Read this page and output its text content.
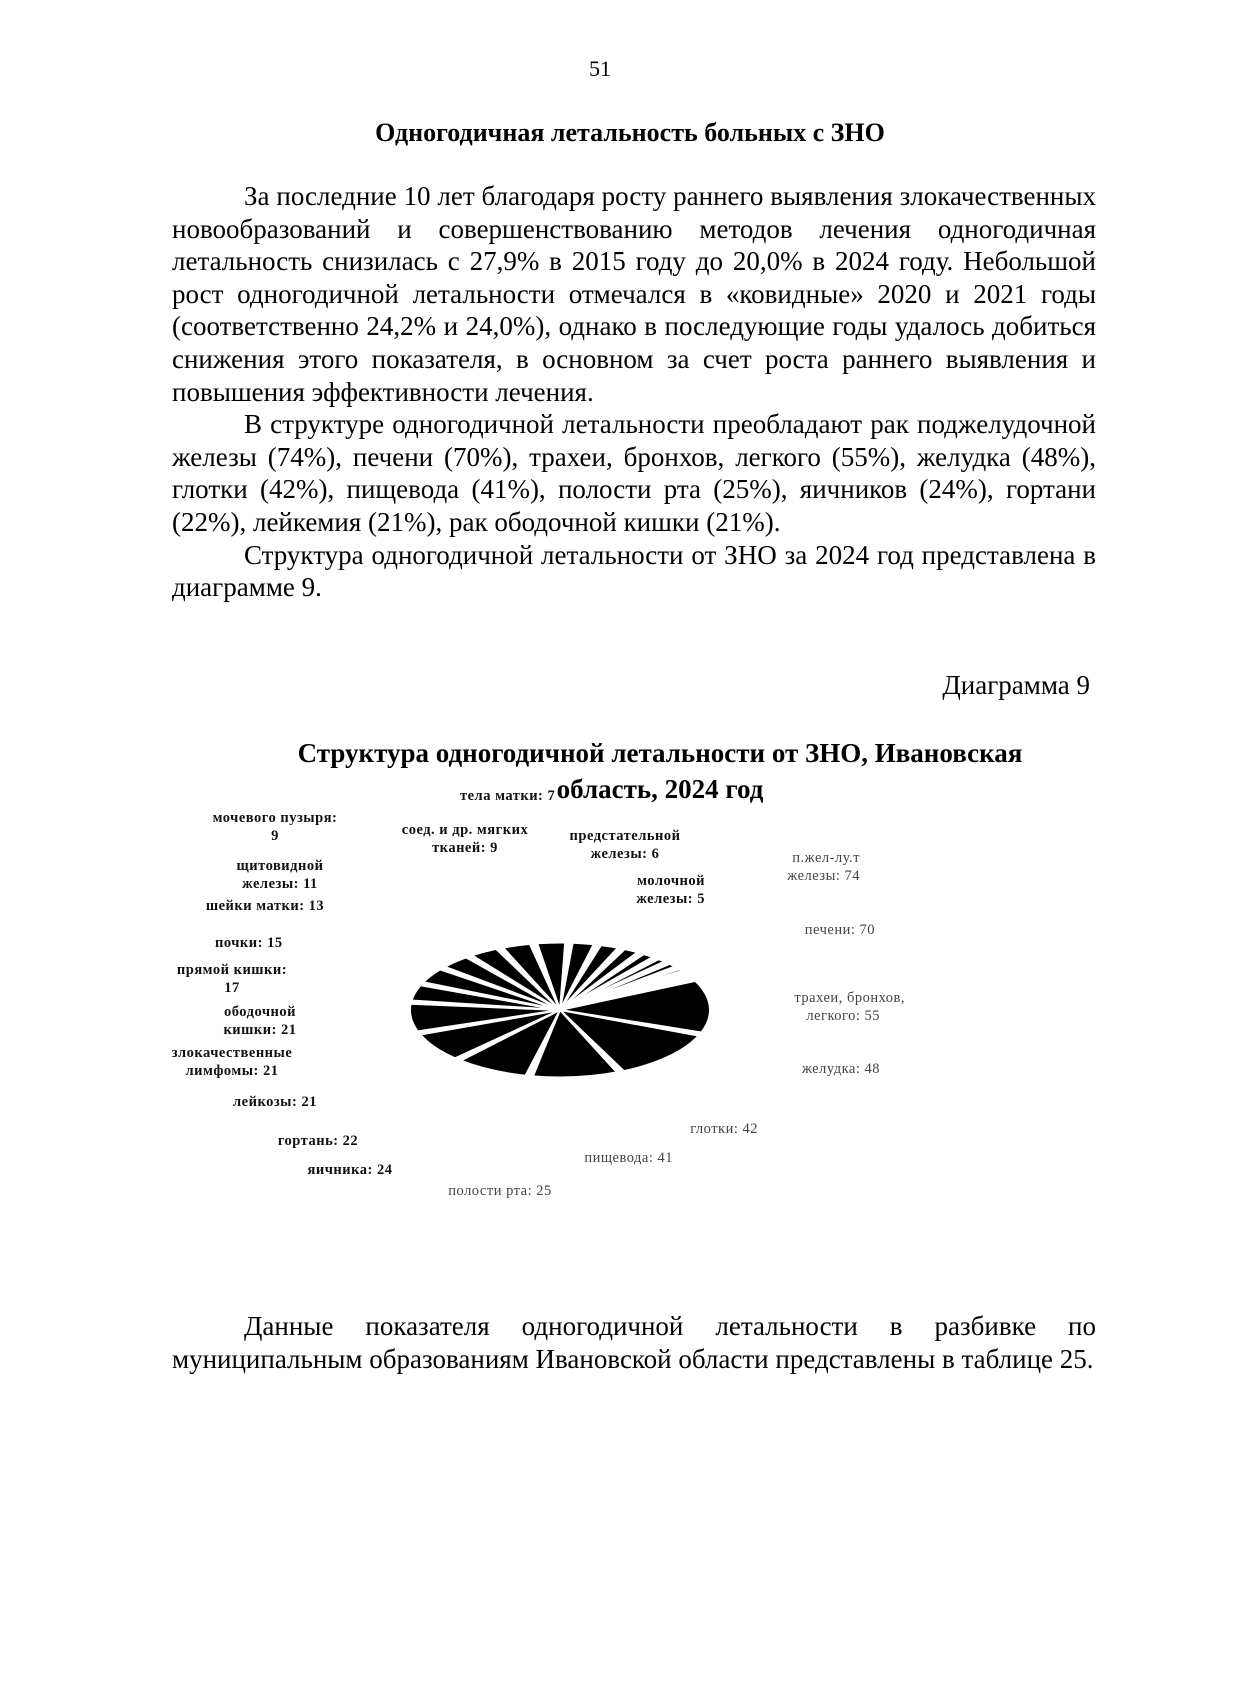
51
Одногодичная летальность больных с ЗНО

За последние 10 лет благодаря росту раннего выявления злокачественных новообразований и совершенствованию методов лечения одногодичная летальность снизилась с 27,9% в 2015 году до 20,0% в 2024 году. Небольшой рост одногодичной летальности отмечался в «ковидные» 2020 и 2021 годы (соответственно 24,2% и 24,0%), однако в последующие годы удалось добиться снижения этого показателя, в основном за счет роста раннего выявления и повышения эффективности лечения.

В структуре одногодичной летальности преобладают рак поджелудочной железы (74%), печени (70%), трахеи, бронхов, легкого (55%), желудка (48%), глотки (42%), пищевода (41%), полости рта (25%), яичников (24%), гортани (22%), лейкемия (21%), рак ободочной кишки (21%).

Структура одногодичной летальности от ЗНО за 2024 год представлена в диаграмме 9.

Диаграмма 9
Структура одногодичной летальности от ЗНО, Ивановская область, 2024 год
тела матки: 7
мочевого пузыря: 9	соед. и др. мягких тканей: 9
предстательной железы: 6	п.жел-лу.т железы: 74
щитовидной железы: 11	молочной железы: 5
шейки матки: 13
печени: 70
почки: 15
прямой кишки: 17
трахеи, бронхов, легкого: 55
ободочной кишки: 21
злокачественные лимфомы: 21	желудка: 48
лейкозы: 21
глотки: 42
гортань: 22
пищевода: 41
яичника: 24
полости рта: 25

Данные показателя одногодичной летальности в разбивке по муниципальным образованиям Ивановской области представлены в таблице 25.
